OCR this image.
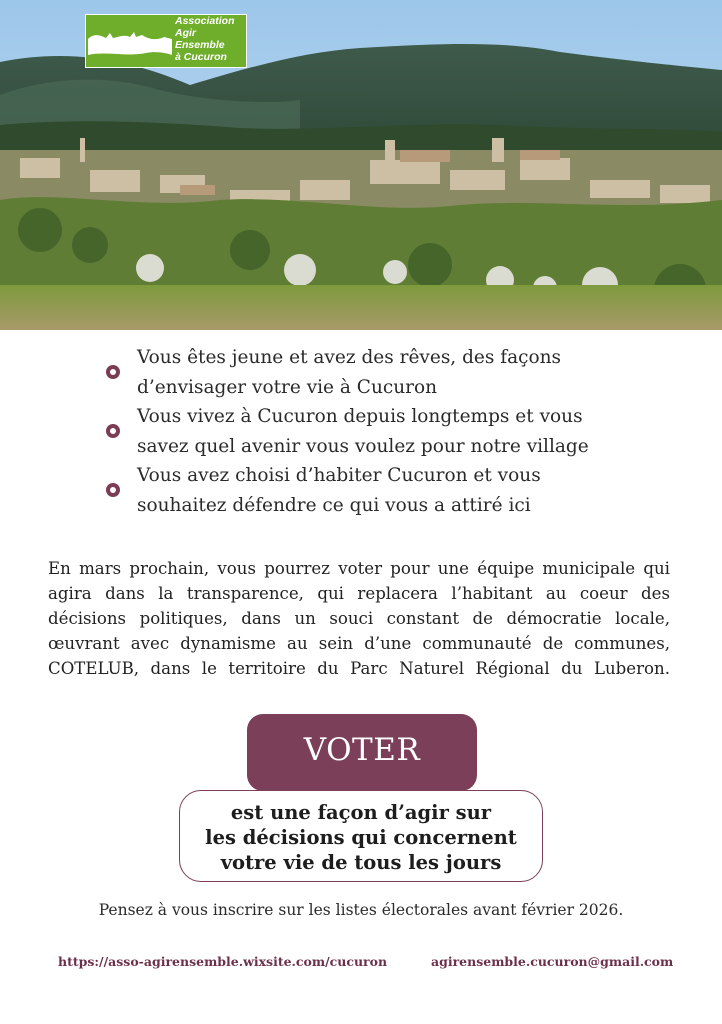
Association
Agir
Ensemble
à Cucuron
Vous êtes jeune et avez des rêves, des façons
d’envisager votre vie à Cucuron
Vous vivez à Cucuron depuis longtemps et vous
savez quel avenir vous voulez pour notre village
Vous avez choisi d’habiter Cucuron et vous
souhaitez défendre ce qui vous a attiré ici
En mars prochain, vous pourrez voter pour une équipe municipale qui
agira dans la transparence, qui replacera l’habitant au coeur des
décisions politiques, dans un souci constant de démocratie locale,
œuvrant avec dynamisme au sein d’une communauté de communes,
COTELUB, dans le territoire du Parc Naturel Régional du Luberon.
est une façon d’agir sur
les décisions qui concernent
votre vie de tous les jours
VOTER
Pensez à vous inscrire sur les listes électorales avant février 2026.
https://asso-agirensemble.wixsite.com/cucuron	agirensemble.cucuron@gmail.com
